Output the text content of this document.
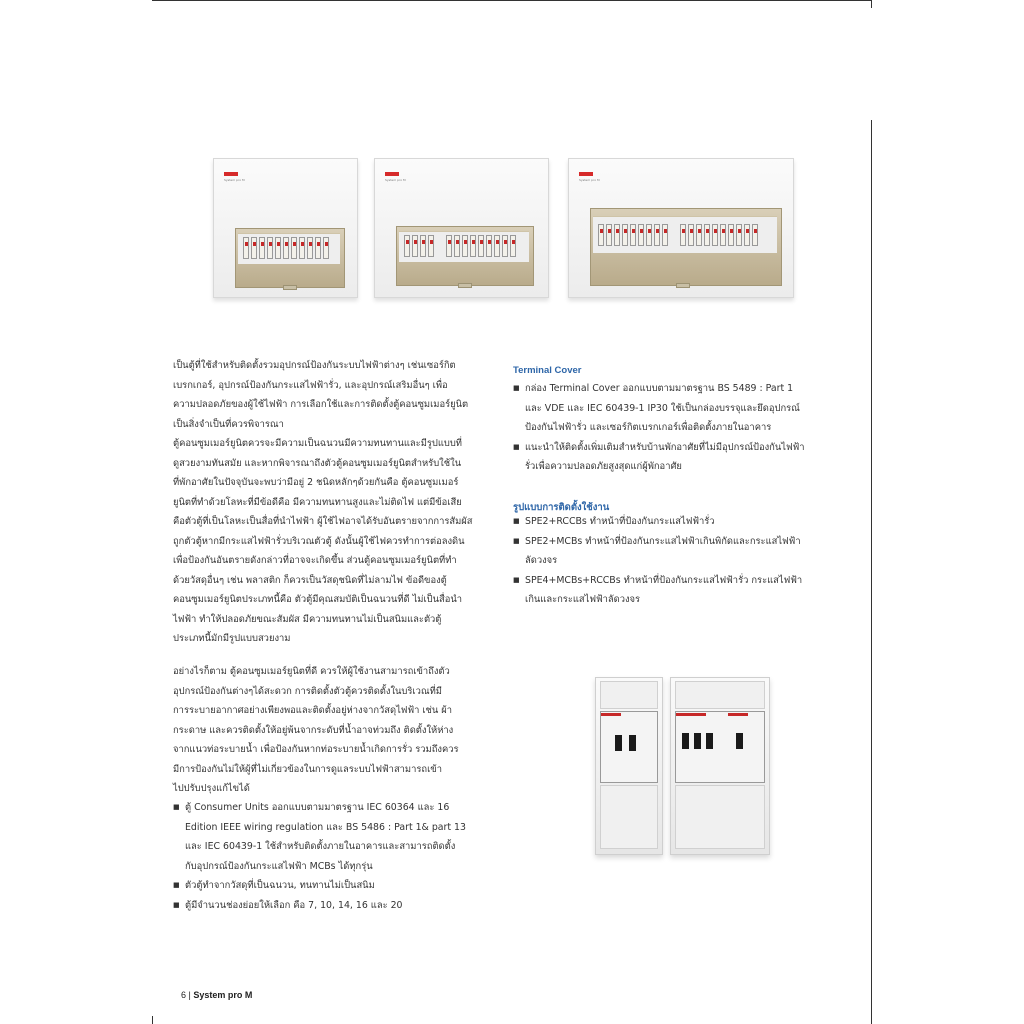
System pro M	System pro M	System pro M

เป็นตู้ที่ใช้สำหรับติดตั้งรวมอุปกรณ์ป้องกันระบบไฟฟ้าต่างๆ เช่นเซอร์กิต

เบรกเกอร์, อุปกรณ์ป้องกันกระแสไฟฟ้ารั่ว, และอุปกรณ์เสริมอื่นๆ เพื่อ

ความปลอดภัยของผู้ใช้ไฟฟ้า การเลือกใช้และการติดตั้งตู้คอนซูมเมอร์ยูนิต

เป็นสิ่งจำเป็นที่ควรพิจารณา

ตู้คอนซูมเมอร์ยูนิตควรจะมีความเป็นฉนวนมีความทนทานและมีรูปแบบที่

ดูสวยงามทันสมัย และหากพิจารณาถึงตัวตู้คอนซูมเมอร์ยูนิตสำหรับใช้ใน

ที่พักอาศัยในปัจจุบันจะพบว่ามีอยู่ 2 ชนิดหลักๆด้วยกันคือ ตู้คอนซูมเมอร์

ยูนิตที่ทำด้วยโลหะที่มีข้อดีคือ มีความทนทานสูงและไม่ติดไฟ แต่มีข้อเสีย

คือตัวตู้ที่เป็นโลหะเป็นสื่อที่นำไฟฟ้า ผู้ใช้ไฟอาจได้รับอันตรายจากการสัมผัส

ถูกตัวตู้หากมีกระแสไฟฟ้ารั่วบริเวณตัวตู้ ดังนั้นผู้ใช้ไฟควรทำการต่อลงดิน

เพื่อป้องกันอันตรายดังกล่าวที่อาจจะเกิดขึ้น ส่วนตู้คอนซูมเมอร์ยูนิตที่ทำ

ด้วยวัสดุอื่นๆ เช่น พลาสติก ก็ควรเป็นวัสดุชนิดที่ไม่ลามไฟ ข้อดีของตู้

คอนซูมเมอร์ยูนิตประเภทนี้คือ ตัวตู้มีคุณสมบัติเป็นฉนวนที่ดี ไม่เป็นสื่อนำ

ไฟฟ้า ทำให้ปลอดภัยขณะสัมผัส มีความทนทานไม่เป็นสนิมและตัวตู้

ประเภทนี้มักมีรูปแบบสวยงาม

อย่างไรก็ตาม ตู้คอนซูมเมอร์ยูนิตที่ดี ควรให้ผู้ใช้งานสามารถเข้าถึงตัว

อุปกรณ์ป้องกันต่างๆได้สะดวก การติดตั้งตัวตู้ควรติดตั้งในบริเวณที่มี

การระบายอากาศอย่างเพียงพอและติดตั้งอยู่ห่างจากวัสดุไฟฟ้า เช่น ผ้า

กระดาษ และควรติดตั้งให้อยู่พ้นจากระดับที่น้ำอาจท่วมถึง ติดตั้งให้ห่าง

จากแนวท่อระบายน้ำ เพื่อป้องกันหากท่อระบายน้ำเกิดการรั่ว รวมถึงควร

มีการป้องกันไม่ให้ผู้ที่ไม่เกี่ยวข้องในการดูแลระบบไฟฟ้าสามารถเข้า

ไปปรับปรุงแก้ไขได้

■ ตู้ Consumer Units ออกแบบตามมาตรฐาน IEC 60364 และ 16
Edition IEEE wiring regulation และ BS 5486 : Part 1& part 13
และ IEC 60439-1 ใช้สำหรับติดตั้งภายในอาคารและสามารถติดตั้ง
กับอุปกรณ์ป้องกันกระแสไฟฟ้า MCBs ได้ทุกรุ่น
■ ตัวตู้ทำจากวัสดุที่เป็นฉนวน, ทนทานไม่เป็นสนิม
■ ตู้มีจำนวนช่องย่อยให้เลือก คือ 7, 10, 14, 16 และ 20
Terminal Cover
■ กล่อง Terminal Cover ออกแบบตามมาตรฐาน BS 5489 : Part 1
และ VDE และ IEC 60439-1 IP30 ใช้เป็นกล่องบรรจุและยึดอุปกรณ์
ป้องกันไฟฟ้ารั่ว และเซอร์กิตเบรกเกอร์เพื่อติดตั้งภายในอาคาร
■ แนะนำให้ติดตั้งเพิ่มเติมสำหรับบ้านพักอาศัยที่ไม่มีอุปกรณ์ป้องกันไฟฟ้า
รั่วเพื่อความปลอดภัยสูงสุดแก่ผู้พักอาศัย
รูปแบบการติดตั้งใช้งาน
■ SPE2+RCCBs ทำหน้าที่ป้องกันกระแสไฟฟ้ารั่ว
■ SPE2+MCBs ทำหน้าที่ป้องกันกระแสไฟฟ้าเกินพิกัดและกระแสไฟฟ้า
ลัดวงจร
■ SPE4+MCBs+RCCBs ทำหน้าที่ป้องกันกระแสไฟฟ้ารั่ว กระแสไฟฟ้า
เกินและกระแสไฟฟ้าลัดวงจร
6 | System pro M
